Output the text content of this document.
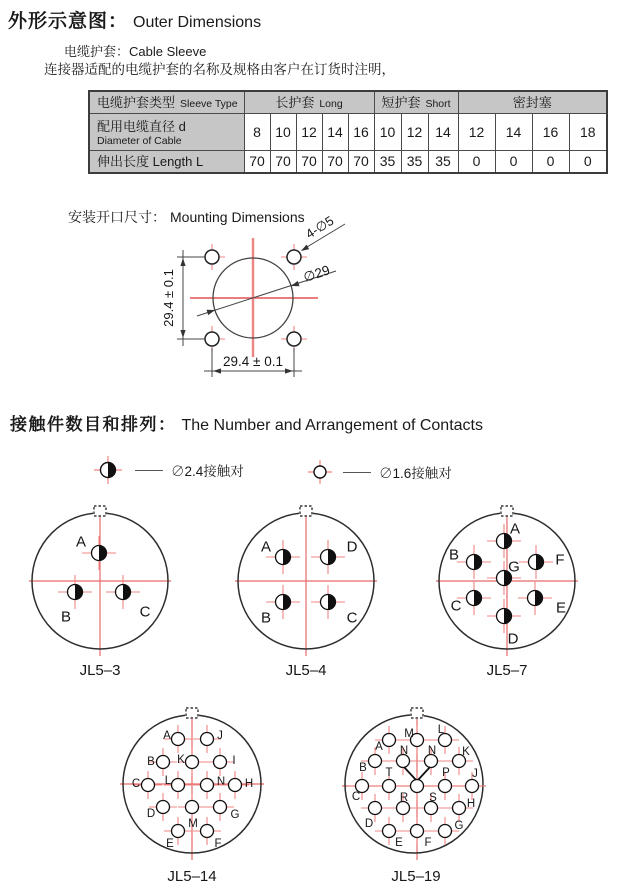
外形示意图： Outer Dimensions
电缆护套：Cable Sleeve
连接器适配的电缆护套的名称及规格由客户在订货时注明，
电缆护套类型 Sleeve Type	长护套 Long					短护套 Short			密封塞			

配用电缆直径 d
Diameter of Cable	8	10	12	14	16	10	12	14	12	14	16	18
伸出长度 Length L	70	70	70	70	70	35	35	35	0	0	0	0
安装开口尺寸： Mounting Dimensions
接触件数目和排列： The Number and Arrangement of Contacts
∅2.4接触对	∅1.6接触对
29.4 ± 0.1
29.4 ± 0.1
4-∅5
∅29
A
B	C
JL5–3
A	D
B	C
JL5–4
A
B	F
G
C	E
D
JL5–7
A	J
B K	I
C L	N H
D
M
G
E	F
JL5–14
A
M L
B
N N K
C
T	P J
D
R S	H
E F
G
JL5–19
